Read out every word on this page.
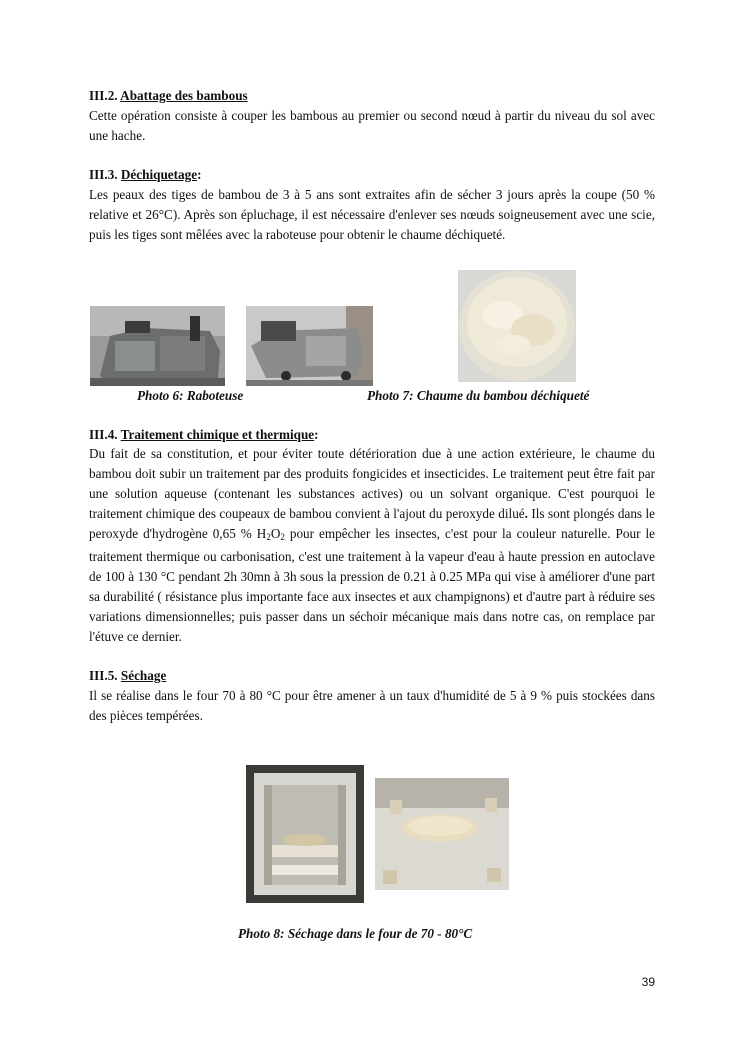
III.2. Abattage des bambous

Cette opération consiste à couper les bambous au premier ou second nœud à partir du niveau du sol avec une hache.

III.3. Déchiquetage:

Les peaux des tiges de bambou de 3 à 5 ans sont extraites afin de sécher 3 jours après la coupe (50 % relative et 26°C). Après son épluchage, il est nécessaire d'enlever ses nœuds soigneusement avec une scie, puis les tiges sont mêlées avec la raboteuse pour obtenir le chaume déchiqueté.

III.4. Traitement chimique et thermique:

Du fait de sa constitution, et pour éviter toute détérioration due à une action extérieure, le chaume du bambou doit subir un traitement par des produits fongicides et insecticides. Le traitement peut être fait par une solution aqueuse (contenant les substances actives) ou un solvant organique. C'est pourquoi le traitement chimique des coupeaux de bambou convient à l'ajout du peroxyde dilué. Ils sont plongés dans le peroxyde d'hydrogène 0,65 % $H_2O_2$ pour empêcher les insectes, c'est pour la couleur naturelle. Pour le traitement thermique ou carbonisation, c'est une traitement à la vapeur d'eau à haute pression en autoclave de 100 à 130 °C pendant 2h 30mn à 3h sous la pression de 0.21 à 0.25 MPa qui vise à améliorer d'une part sa durabilité ( résistance plus importante face aux insectes et aux champignons) et d'autre part à réduire ses variations dimensionnelles; puis passer dans un séchoir mécanique mais dans notre cas, on remplace par l'étuve ce dernier.

III.5. Séchage

Il se réalise dans le four 70 à 80 °C pour être amener à un taux d'humidité de 5 à 9 % puis stockées dans des pièces tempérées.

Photo 6: Raboteuse	Photo 7: Chaume du bambou déchiqueté
Photo 8: Séchage dans le four de 70 - 80°C
39
